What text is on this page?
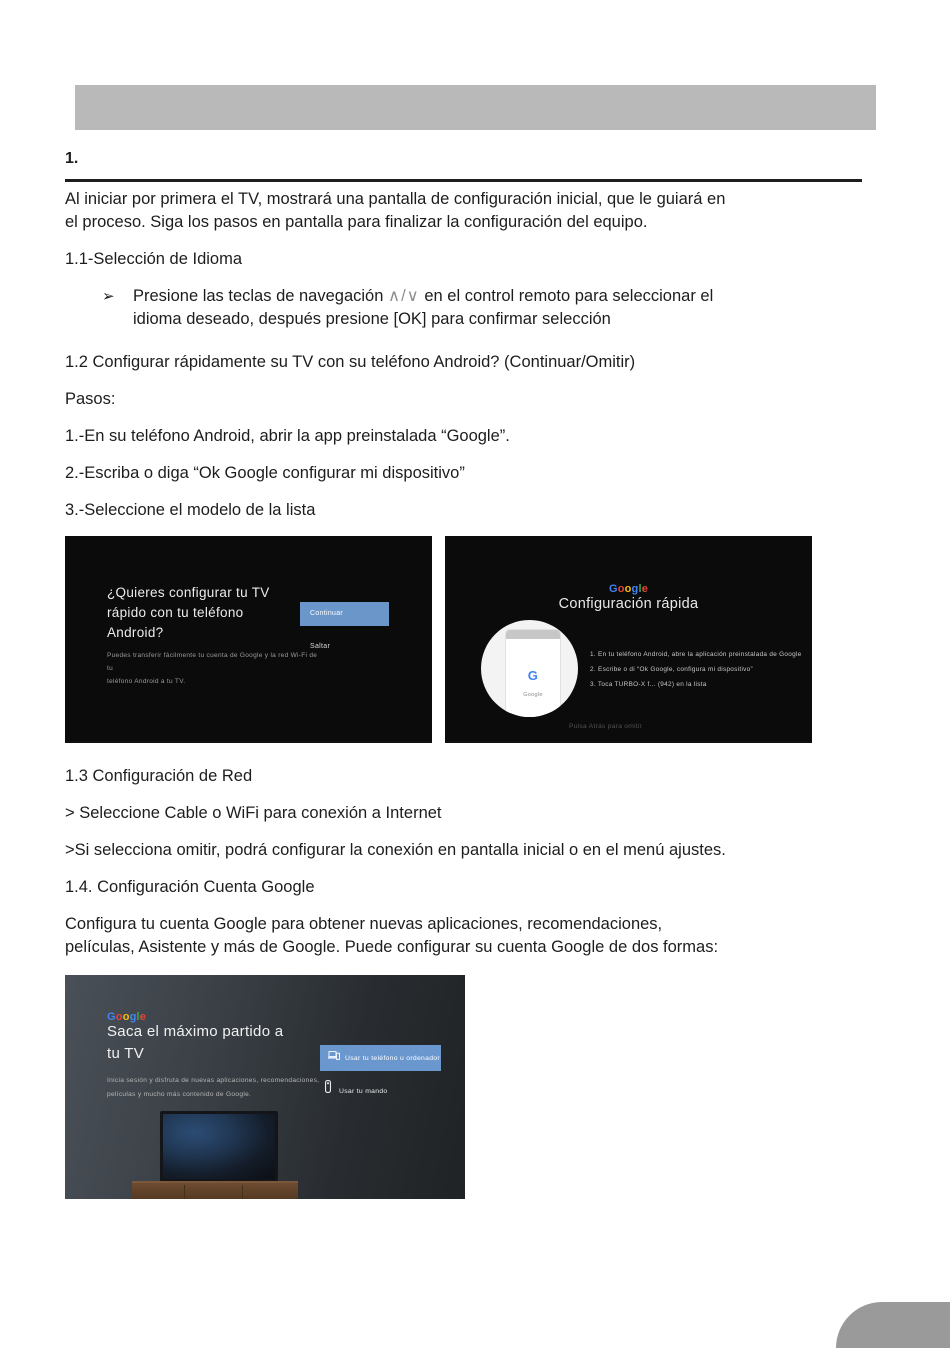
1.

Al iniciar por primera el TV, mostrará una pantalla de configuración inicial, que le guiará en
el proceso. Siga los pasos en pantalla para finalizar la configuración del equipo.

1.1-Selección de Idioma

➢	Presione las teclas de navegación ∧/∨ en el control remoto para seleccionar el
idioma deseado, después presione [OK] para confirmar selección

1.2 Configurar rápidamente su TV con su teléfono Android? (Continuar/Omitir)

Pasos:

1.-En su teléfono Android, abrir la app preinstalada “Google”.

2.-Escriba o diga “Ok Google configurar mi dispositivo”

3.-Seleccione el modelo de la lista

¿Quieres configurar tu TV
rápido con tu teléfono
Android?
Puedes transferir fácilmente tu cuenta de Google y la red Wi-Fi de tu
teléfono Android a tu TV.
Continuar
Saltar
Google
Configuración rápida
G
Google
1. En tu teléfono Android, abre la aplicación preinstalada de Google
2. Escribe o di “Ok Google, configura mi dispositivo”
3. Toca TURBO-X f... (942) en la lista
Pulsa Atrás para omitir

1.3 Configuración de Red

> Seleccione Cable o WiFi para conexión a Internet

>Si selecciona omitir, podrá configurar la conexión en pantalla inicial o en el menú ajustes.

1.4. Configuración Cuenta Google

Configura tu cuenta Google para obtener nuevas aplicaciones, recomendaciones,
películas, Asistente y más de Google. Puede configurar su cuenta Google de dos formas:

Google
Saca el máximo partido a
tu TV
Inicia sesión y disfruta de nuevas aplicaciones, recomendaciones,
películas y mucho más contenido de Google.
Usar tu teléfono u ordenador
Usar tu mando
